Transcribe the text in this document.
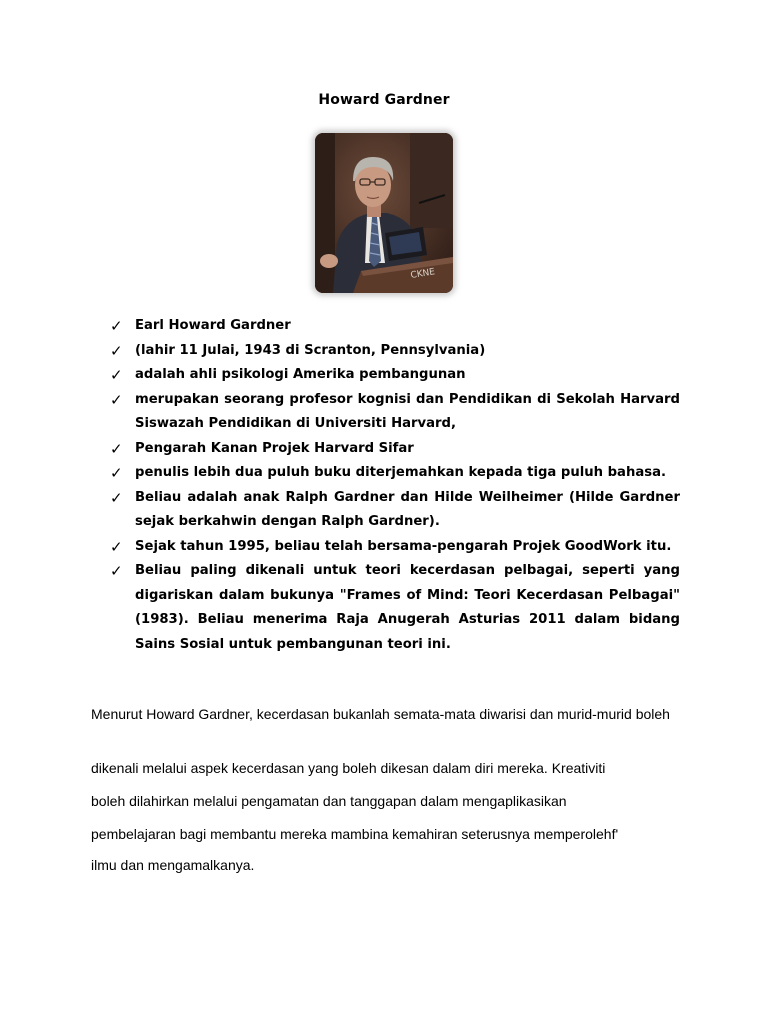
Howard Gardner
CKNE
✓ Earl Howard Gardner
✓ (lahir 11 Julai, 1943 di Scranton, Pennsylvania)
✓ adalah ahli psikologi Amerika pembangunan
✓ merupakan seorang profesor kognisi dan Pendidikan di Sekolah Harvard Siswazah Pendidikan di Universiti Harvard,
✓ Pengarah Kanan Projek Harvard Sifar
✓ penulis lebih dua puluh buku diterjemahkan kepada tiga puluh bahasa.
✓ Beliau adalah anak Ralph Gardner dan Hilde Weilheimer (Hilde Gardner sejak berkahwin dengan Ralph Gardner).
✓ Sejak tahun 1995, beliau telah bersama-pengarah Projek GoodWork itu.
✓ Beliau paling dikenali untuk teori kecerdasan pelbagai, seperti yang digariskan dalam bukunya "Frames of Mind: Teori Kecerdasan Pelbagai" (1983). Beliau menerima Raja Anugerah Asturias 2011 dalam bidang Sains Sosial untuk pembangunan teori ini.
Menurut Howard Gardner, kecerdasan bukanlah semata-mata diwarisi dan murid-murid boleh
dikenali melalui aspek kecerdasan yang boleh dikesan dalam diri mereka. Kreativiti
boleh dilahirkan melalui pengamatan dan tanggapan dalam mengaplikasikan
pembelajaran bagi membantu mereka mambina kemahiran seterusnya memperolehf'
ilmu dan mengamalkanya.
